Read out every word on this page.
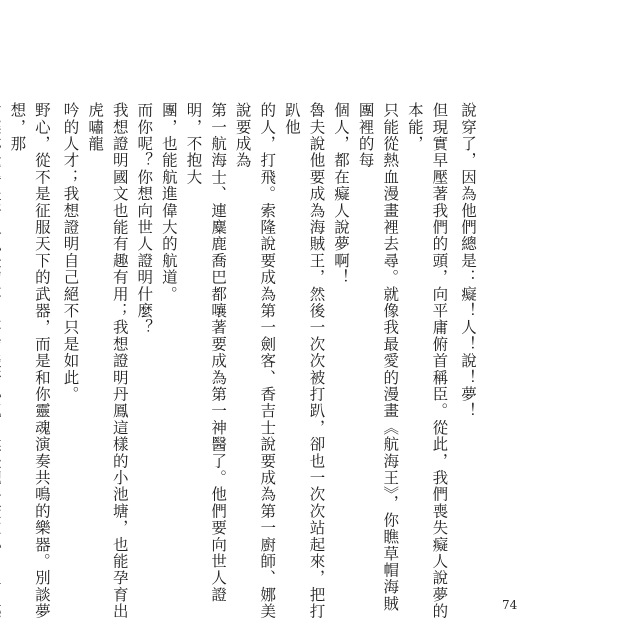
說穿了，因為他們總是：癡！人！說！夢！

但現實早壓著我們的頭，向平庸俯首稱臣。從此，我們喪失癡人說夢的本能，
只能從熱血漫畫裡去尋。就像我最愛的漫畫《航海王》，你瞧草帽海賊團裡的每
個人，都在癡人說夢啊！

魯夫說他要成為海賊王，然後一次次被打趴，卻也一次次站起來，把打趴他
的人，打飛。索隆說要成為第一劍客、香吉士說要成為第一廚師、娜美說要成為
第一航海士、連麋鹿喬巴都嚷著要成為第一神醫了。他們要向世人證明，不抱大
團，也能航進偉大的航道。

而你呢？你想向世人證明什麼？

我想證明國文也能有趣有用；我想證明丹鳳這樣的小池塘，也能孕育出虎嘯龍
吟的人才；我想證明自己絕不只是如此。

野心，從不是征服天下的武器，而是和你靈魂演奏共鳴的樂器。別談夢想，那

74
